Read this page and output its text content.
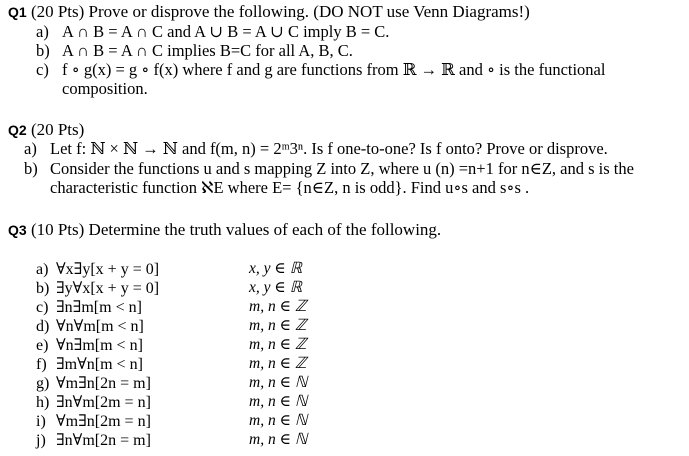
Q1 (20 Pts) Prove or disprove the following. (DO NOT use Venn Diagrams!)
a) A ∩ B = A ∩ C and A ∪ B = A ∪ C imply B = C.
b) A ∩ B = A ∩ C implies B=C for all A, B, C.
c) f ∘ g(x) = g ∘ f(x) where f and g are functions from ℝ → ℝ and ∘ is the functional
composition.
Q2 (20 Pts)
a) Let f: ℕ × ℕ → ℕ and f(m, n) = 2ᵐ3ⁿ. Is f one-to-one? Is f onto? Prove or disprove.
b) Consider the functions u and s mapping Z into Z, where u (n) =n+1 for n∈Z, and s is the
characteristic function ℵE where E= {n∈Z, n is odd}. Find u∘s and s∘s .
Q3 (10 Pts) Determine the truth values of each of the following.
a) ∀x∃y[x + y = 0]	x, y ∈ ℝ
b) ∃y∀x[x + y = 0]	x, y ∈ ℝ
c) ∃n∃m[m < n]	m, n ∈ ℤ
d) ∀n∀m[m < n]	m, n ∈ ℤ
e) ∀n∃m[m < n]	m, n ∈ ℤ
f) ∃m∀n[m < n]	m, n ∈ ℤ
g) ∀m∃n[2n = m]	m, n ∈ ℕ
h) ∃n∀m[2m = n]	m, n ∈ ℕ
i) ∀m∃n[2m = n]	m, n ∈ ℕ
j) ∃n∀m[2n = m]	m, n ∈ ℕ
